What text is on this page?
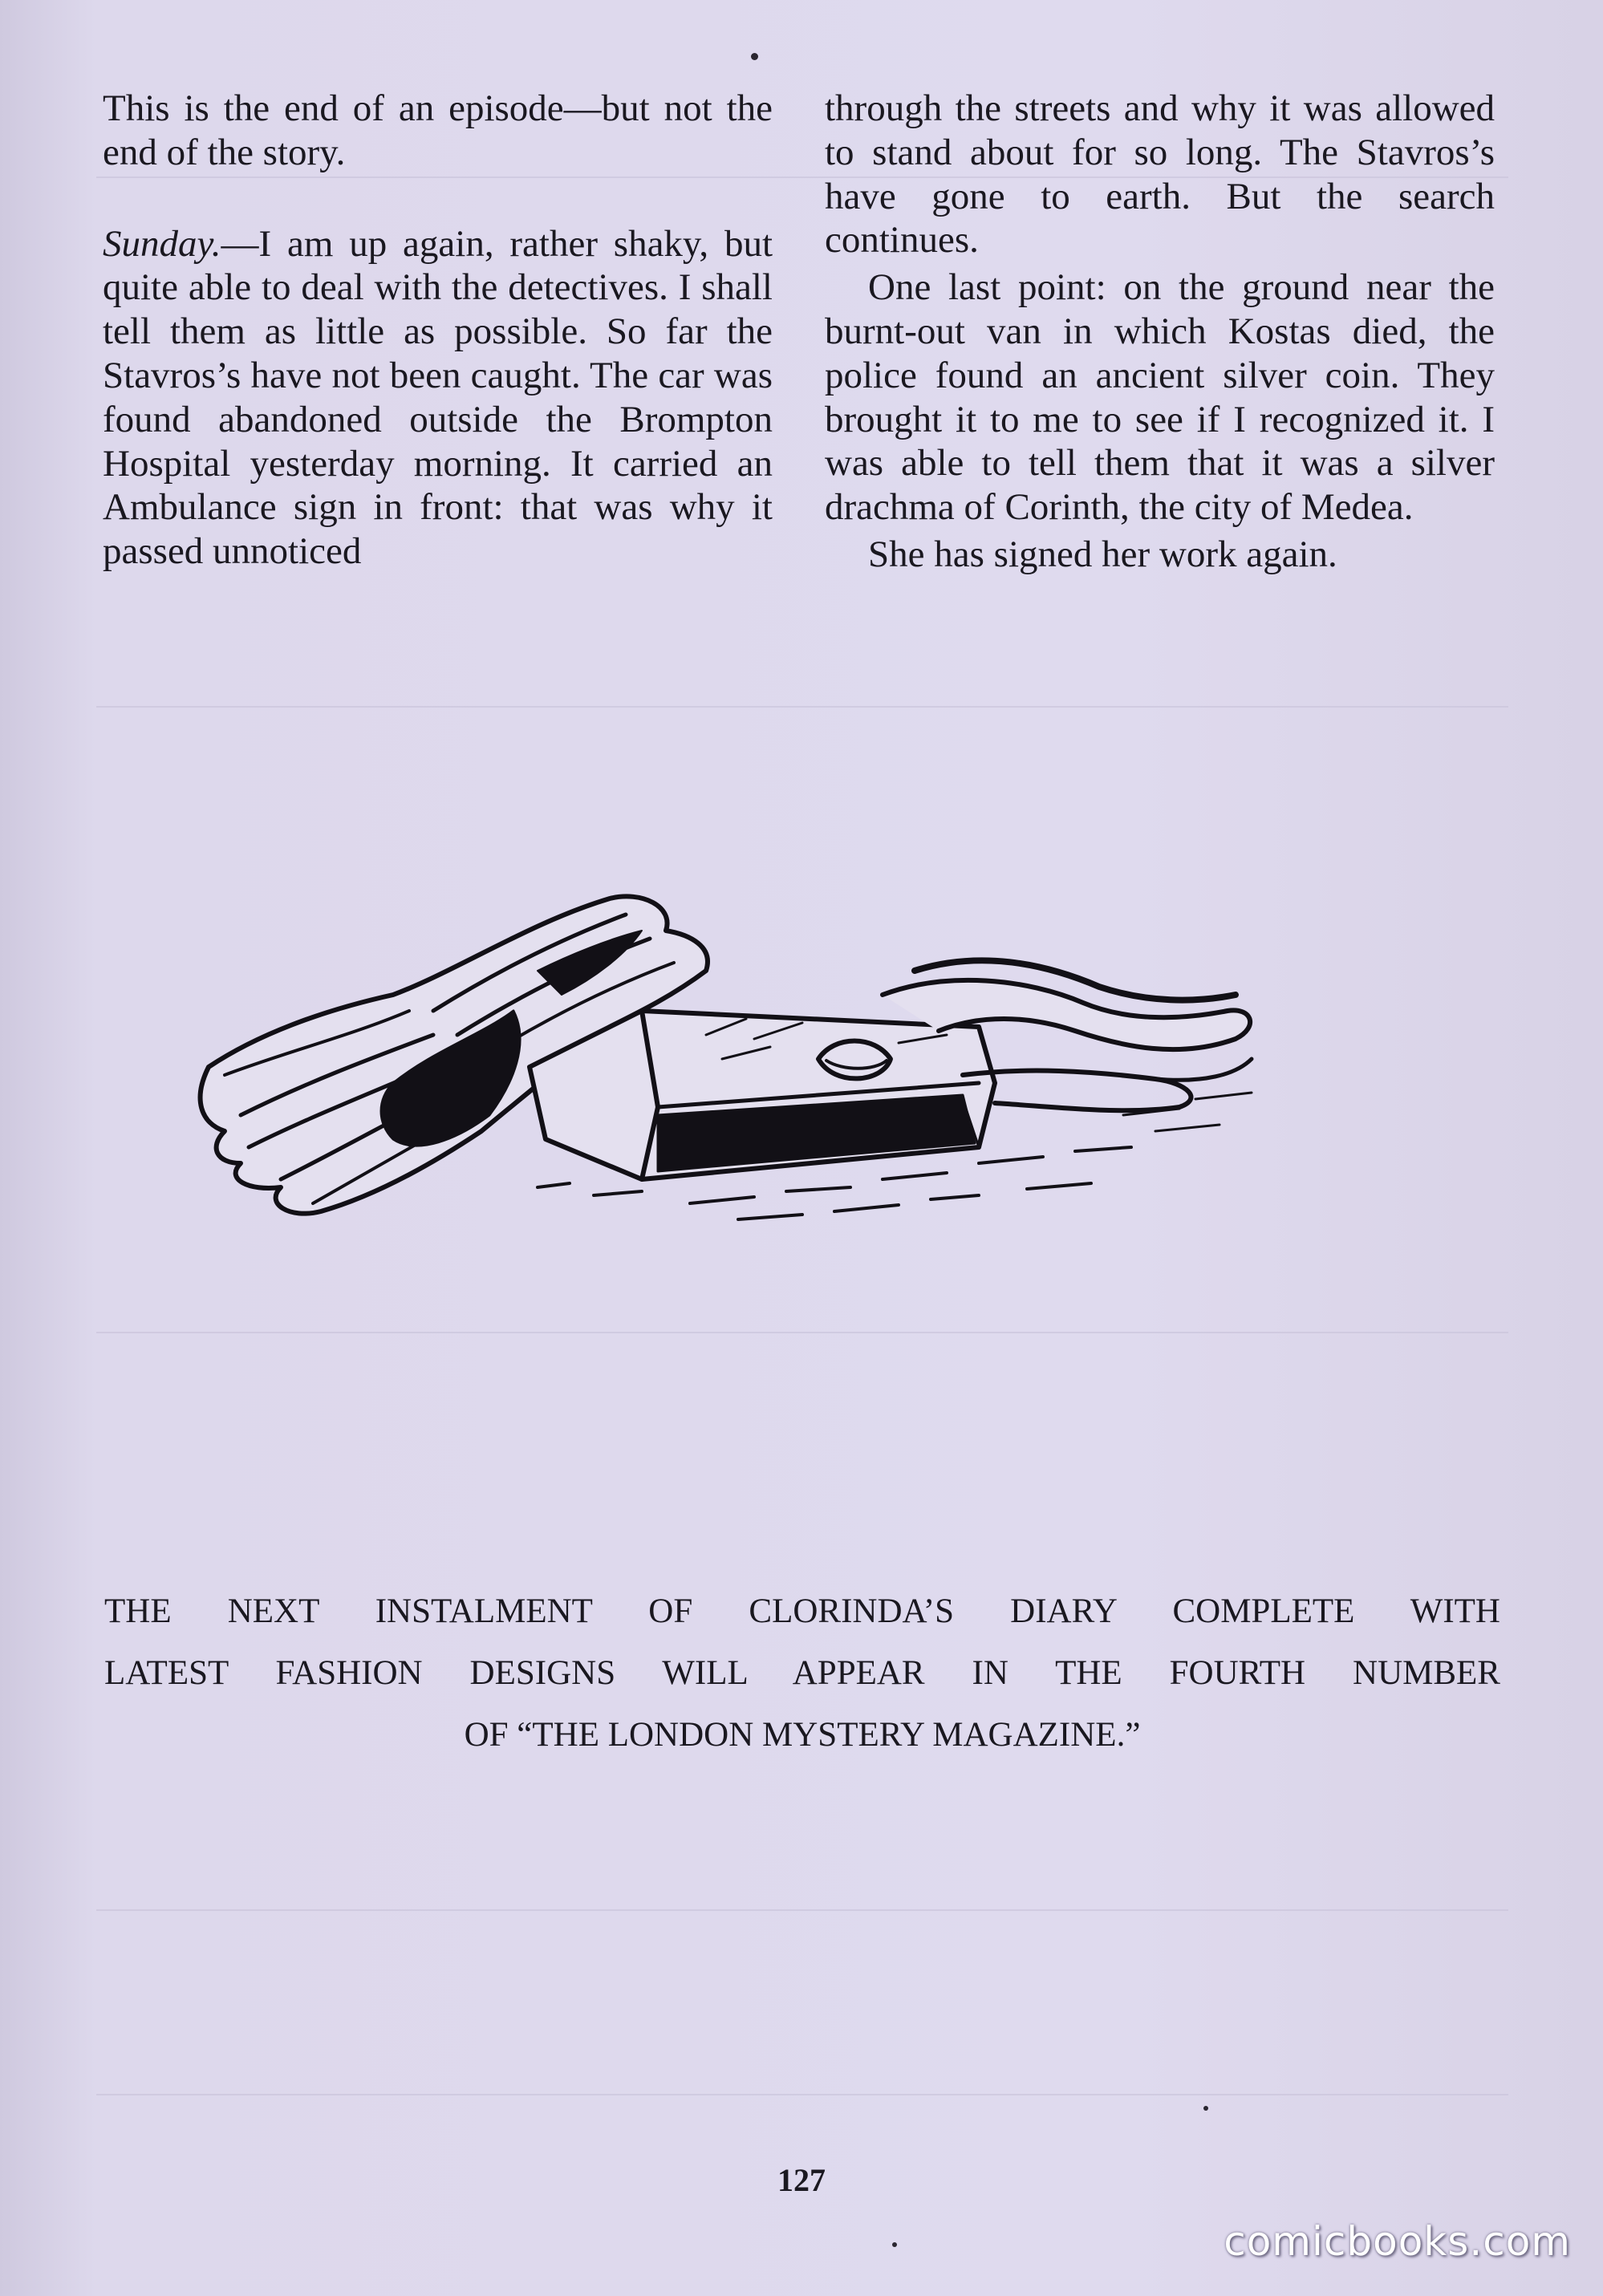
This is the end of an episode—but not the end of the story.

Sunday.—I am up again, rather shaky, but quite able to deal with the detectives. I shall tell them as little as possible. So far the Stavros’s have not been caught. The car was found abandoned outside the Brompton Hospital yesterday morning. It carried an Ambulance sign in front: that was why it passed unnoticed

through the streets and why it was allowed to stand about for so long. The Stavros’s have gone to earth. But the search continues.

One last point: on the ground near the burnt-out van in which Kostas died, the police found an ancient silver coin. They brought it to me to see if I recognized it. I was able to tell them that it was a silver drachma of Corinth, the city of Medea.

She has signed her work again.

THE NEXT INSTALMENT OF CLORINDA’S DIARY COMPLETE WITH
LATEST FASHION DESIGNS WILL APPEAR IN THE FOURTH NUMBER
OF “THE LONDON MYSTERY MAGAZINE.”
127
comicbooks.com
